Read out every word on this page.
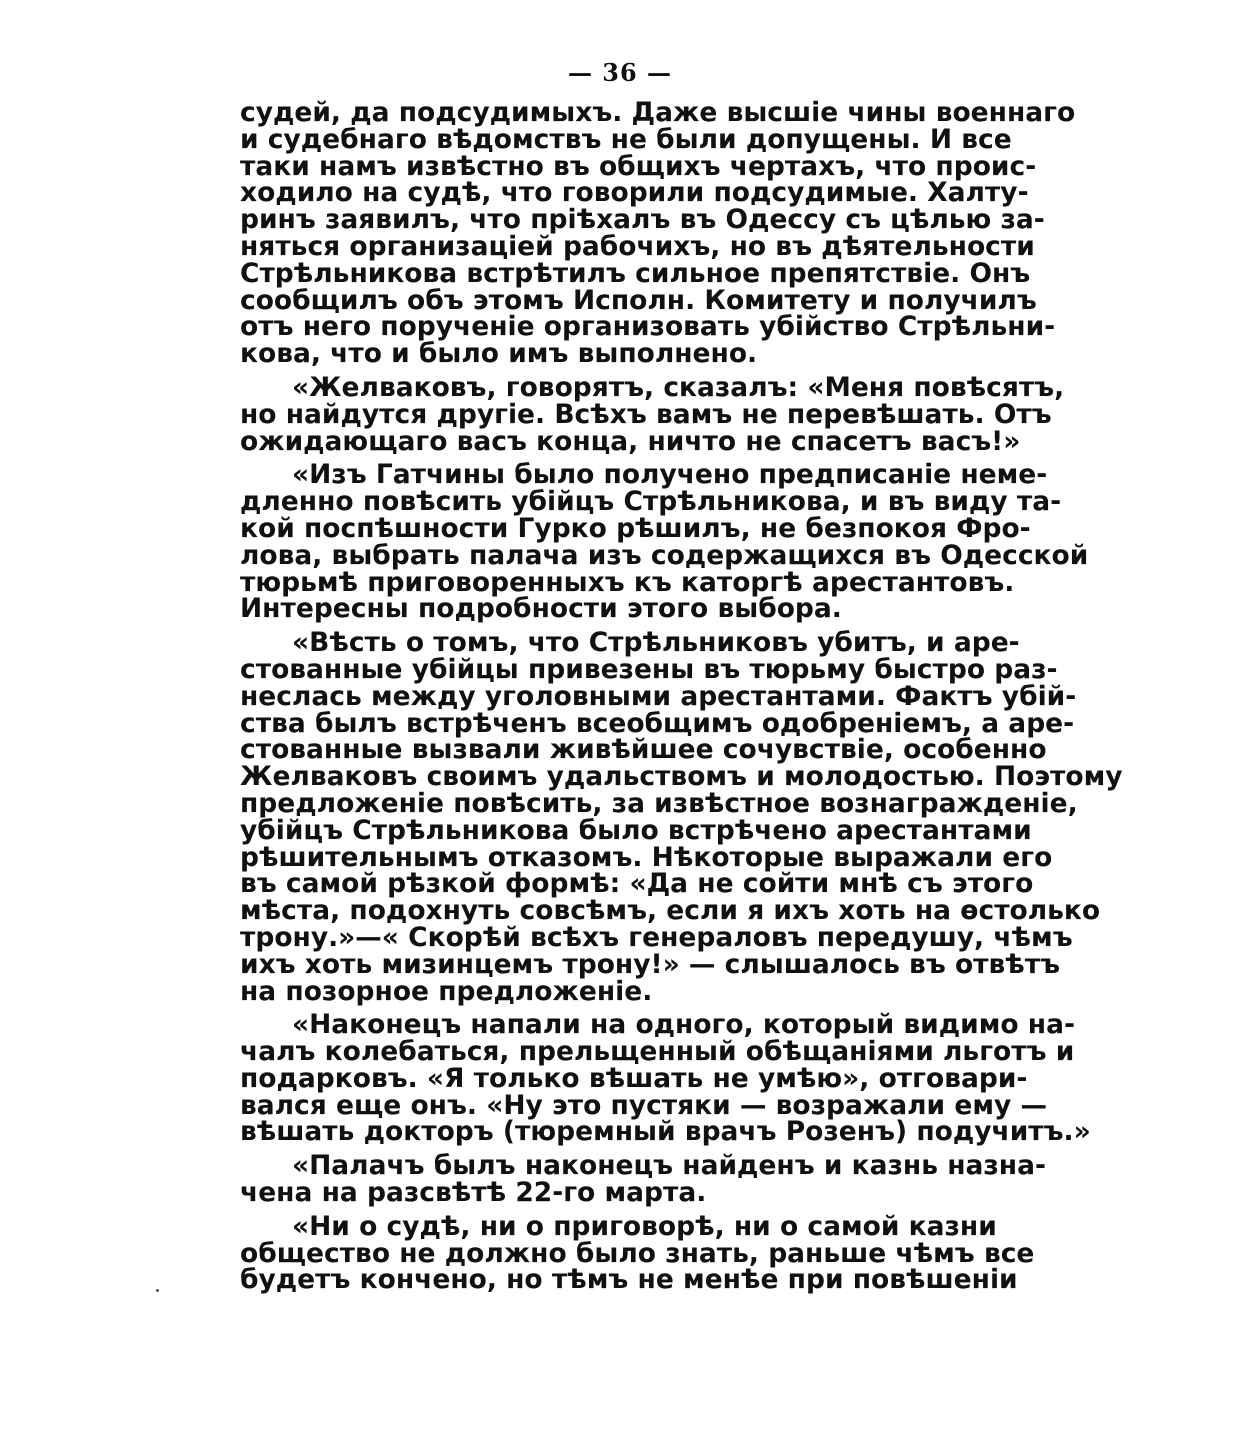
— 36 —
судей, да подсудимыхъ. Даже высшіе чины военнаго
и судебнаго вѣдомствъ не были допущены. И все
таки намъ извѣстно въ общихъ чертахъ, что проис-
ходило на судѣ, что говорили подсудимые. Халту-
ринъ заявилъ, что пріѣхалъ въ Одессу съ цѣлью за-
няться организаціей рабочихъ, но въ дѣятельности
Стрѣльникова встрѣтилъ сильное препятствіе. Онъ
сообщилъ объ этомъ Исполн. Комитету и получилъ
отъ него порученіе организовать убійство Стрѣльни-
кова, что и было имъ выполнено.
«Желваковъ, говорятъ, сказалъ: «Меня повѣсятъ,
но найдутся другіе. Всѣхъ вамъ не перевѣшать. Отъ
ожидающаго васъ конца, ничто не спасетъ васъ!»
«Изъ Гатчины было получено предписаніе неме-
дленно повѣсить убійцъ Стрѣльникова, и въ виду та-
кой поспѣшности Гурко рѣшилъ, не безпокоя Фро-
лова, выбрать палача изъ содержащихся въ Одесской
тюрьмѣ приговоренныхъ къ каторгѣ арестантовъ.
Интересны подробности этого выбора.
«Вѣсть о томъ, что Стрѣльниковъ убитъ, и аре-
стованные убійцы привезены въ тюрьму быстро раз-
неслась между уголовными арестантами. Фактъ убій-
ства былъ встрѣченъ всеобщимъ одобреніемъ, а аре-
стованные вызвали живѣйшее сочувствіе, особенно
Желваковъ своимъ удальствомъ и молодостью. Поэтому
предложеніе повѣсить, за извѣстное вознагражденіе,
убійцъ Стрѣльникова было встрѣчено арестантами
рѣшительнымъ отказомъ. Нѣкоторые выражали его
въ самой рѣзкой формѣ: «Да не сойти мнѣ съ этого
мѣста, подохнуть совсѣмъ, если я ихъ хоть на ѳстолько
трону.»—« Скорѣй всѣхъ генераловъ передушу, чѣмъ
ихъ хоть мизинцемъ трону!» — слышалось въ отвѣтъ
на позорное предложеніе.
«Наконецъ напали на одного, который видимо на-
чалъ колебаться, прельщенный обѣщаніями льготъ и
подарковъ. «Я только вѣшать не умѣю», отговари-
вался еще онъ. «Ну это пустяки — возражали ему —
вѣшать докторъ (тюремный врачъ Розенъ) подучитъ.»
«Палачъ былъ наконецъ найденъ и казнь назна-
чена на разсвѣтѣ 22-го марта.
«Ни о судѣ, ни о приговорѣ, ни о самой казни
общество не должно было знать, раньше чѣмъ все
будетъ кончено, но тѣмъ не менѣе при повѣшеніи
